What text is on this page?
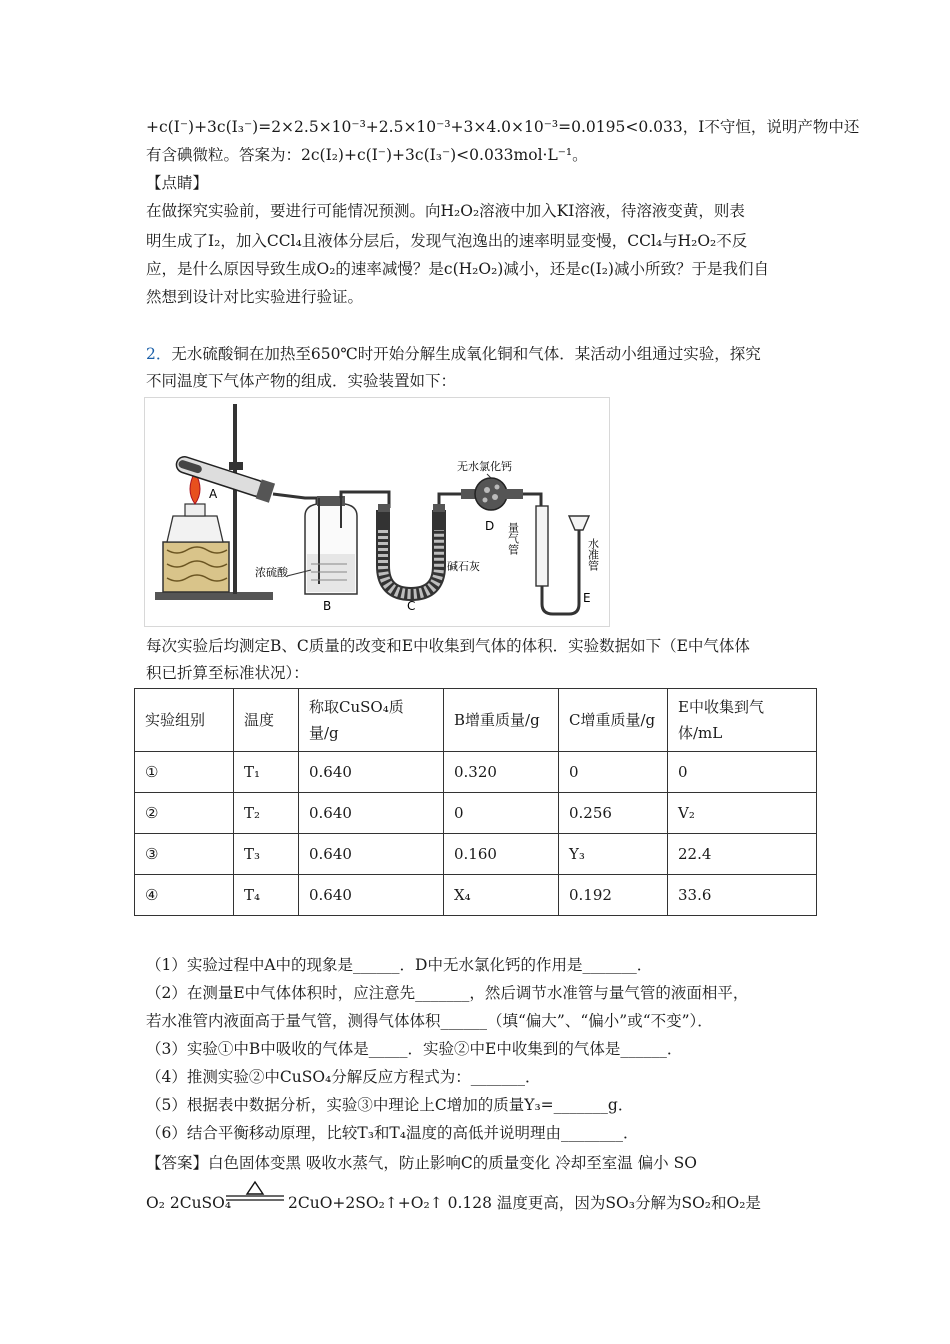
+c(I⁻)+3c(I₃⁻)=2×2.5×10⁻³+2.5×10⁻³+3×4.0×10⁻³=0.0195<0.033，I不守恒，说明产物中还
有含碘微粒。答案为：2c(I₂)+c(I⁻)+3c(I₃⁻)<0.033mol·L⁻¹。
【点睛】
在做探究实验前，要进行可能情况预测。向H₂O₂溶液中加入KI溶液，待溶液变黄，则表
明生成了I₂，加入CCl₄且液体分层后，发现气泡逸出的速率明显变慢，CCl₄与H₂O₂不反
应，是什么原因导致生成O₂的速率减慢？是c(H₂O₂)减小，还是c(I₂)减小所致？于是我们自
然想到设计对比实验进行验证。
2．无水硫酸铜在加热至650℃时开始分解生成氧化铜和气体．某活动小组通过实验，探究
不同温度下气体产物的组成．实验装置如下：
A
浓硫酸
B	C
碱石灰
无水氯化钙
D 量气管	水准管
E
每次实验后均测定B、C质量的改变和E中收集到气体的体积．实验数据如下（E中气体体
积已折算至标准状况）：
实验组别	温度	称取CuSO₄质量/g	B增重质量/g	C增重质量/g	E中收集到气体/mL
①	T₁	0.640	0.320	0	0
②	T₂	0.640	0	0.256	V₂
③	T₃	0.640	0.160	Y₃	22.4
④	T₄	0.640	X₄	0.192	33.6
（1）实验过程中A中的现象是______．D中无水氯化钙的作用是_______．
（2）在测量E中气体体积时，应注意先_______，然后调节水准管与量气管的液面相平，
若水准管内液面高于量气管，测得气体体积______（填“偏大”、“偏小”或“不变”）．
（3）实验①中B中吸收的气体是_____．实验②中E中收集到的气体是______．
（4）推测实验②中CuSO₄分解反应方程式为：_______．
（5）根据表中数据分析，实验③中理论上C增加的质量Y₃=_______g．
（6）结合平衡移动原理，比较T₃和T₄温度的高低并说明理由________．
【答案】白色固体变黑 吸收水蒸气，防止影响C的质量变化 冷却至室温 偏小 SO
O₂ 2CuSO₄	2CuO+2SO₂↑+O₂↑ 0.128 温度更高，因为SO₃分解为SO₂和O₂是
